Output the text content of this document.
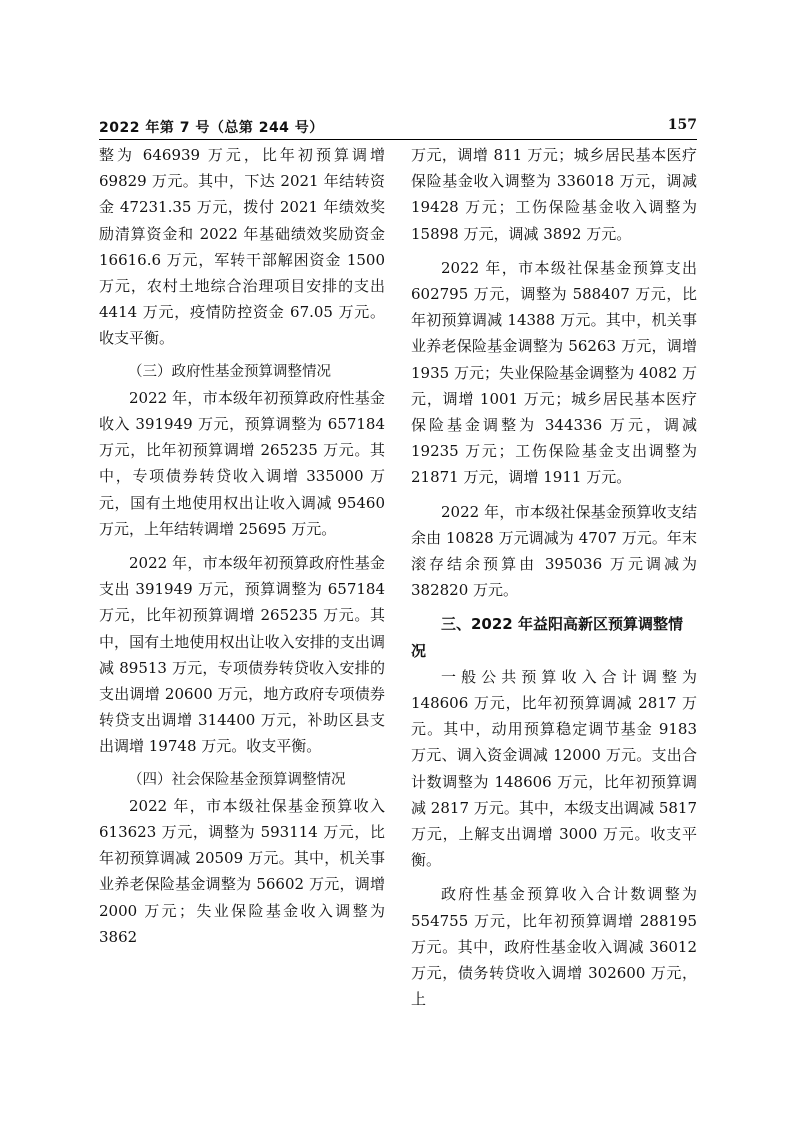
2022 年第 7 号（总第 244 号）	157

整为 646939 万元，比年初预算调增 69829 万元。其中，下达 2021 年结转资金 47231.35 万元，拨付 2021 年绩效奖励清算资金和 2022 年基础绩效奖励资金 16616.6 万元，军转干部解困资金 1500 万元，农村土地综合治理项目安排的支出 4414 万元，疫情防控资金 67.05 万元。收支平衡。

（三）政府性基金预算调整情况

2022 年，市本级年初预算政府性基金收入 391949 万元，预算调整为 657184 万元，比年初预算调增 265235 万元。其中，专项债券转贷收入调增 335000 万元，国有土地使用权出让收入调减 95460 万元，上年结转调增 25695 万元。

2022 年，市本级年初预算政府性基金支出 391949 万元，预算调整为 657184 万元，比年初预算调增 265235 万元。其中，国有土地使用权出让收入安排的支出调减 89513 万元，专项债券转贷收入安排的支出调增 20600 万元，地方政府专项债券转贷支出调增 314400 万元，补助区县支出调增 19748 万元。收支平衡。

（四）社会保险基金预算调整情况

2022 年，市本级社保基金预算收入 613623 万元，调整为 593114 万元，比年初预算调减 20509 万元。其中，机关事业养老保险基金调整为 56602 万元，调增 2000 万元；失业保险基金收入调整为 3862

万元，调增 811 万元；城乡居民基本医疗保险基金收入调整为 336018 万元，调减 19428 万元；工伤保险基金收入调整为 15898 万元，调减 3892 万元。

2022 年，市本级社保基金预算支出 602795 万元，调整为 588407 万元，比年初预算调减 14388 万元。其中，机关事业养老保险基金调整为 56263 万元，调增 1935 万元；失业保险基金调整为 4082 万元，调增 1001 万元；城乡居民基本医疗保险基金调整为 344336 万元，调减 19235 万元；工伤保险基金支出调整为 21871 万元，调增 1911 万元。

2022 年，市本级社保基金预算收支结余由 10828 万元调减为 4707 万元。年末滚存结余预算由 395036 万元调减为 382820 万元。

三、2022 年益阳高新区预算调整情况

一般公共预算收入合计调整为 148606 万元，比年初预算调减 2817 万元。其中，动用预算稳定调节基金 9183 万元、调入资金调减 12000 万元。支出合计数调整为 148606 万元，比年初预算调减 2817 万元。其中，本级支出调减 5817 万元，上解支出调增 3000 万元。收支平衡。

政府性基金预算收入合计数调整为 554755 万元，比年初预算调增 288195 万元。其中，政府性基金收入调减 36012 万元，债务转贷收入调增 302600 万元，上
